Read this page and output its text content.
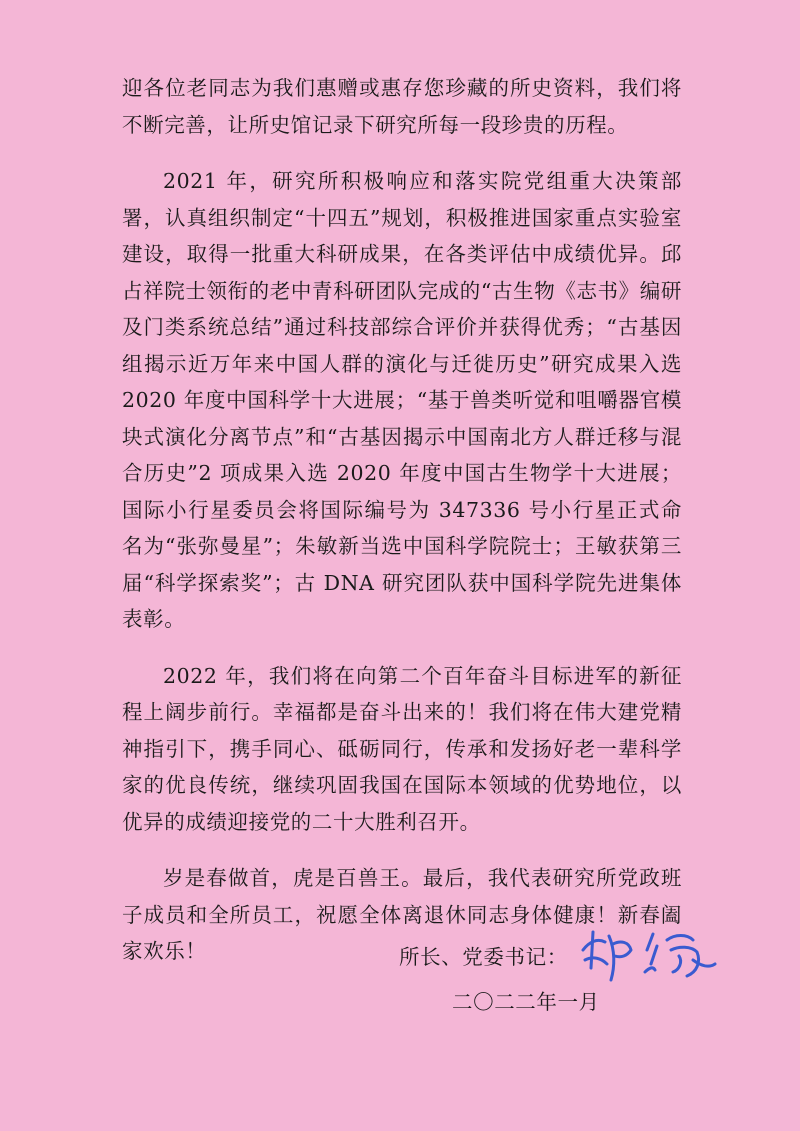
迎各位老同志为我们惠赠或惠存您珍藏的所史资料，我们将不断完善，让所史馆记录下研究所每一段珍贵的历程。

2021 年，研究所积极响应和落实院党组重大决策部署，认真组织制定“十四五”规划，积极推进国家重点实验室建设，取得一批重大科研成果，在各类评估中成绩优异。邱占祥院士领衔的老中青科研团队完成的“古生物《志书》编研及门类系统总结”通过科技部综合评价并获得优秀；“古基因组揭示近万年来中国人群的演化与迁徙历史”研究成果入选 2020 年度中国科学十大进展；“基于兽类听觉和咀嚼器官模块式演化分离节点”和“古基因揭示中国南北方人群迁移与混合历史”2 项成果入选 2020 年度中国古生物学十大进展；国际小行星委员会将国际编号为 347336 号小行星正式命名为“张弥曼星”；朱敏新当选中国科学院院士；王敏获第三届“科学探索奖”；古 DNA 研究团队获中国科学院先进集体表彰。

2022 年，我们将在向第二个百年奋斗目标进军的新征程上阔步前行。幸福都是奋斗出来的！我们将在伟大建党精神指引下，携手同心、砥砺同行，传承和发扬好老一辈科学家的优良传统，继续巩固我国在国际本领域的优势地位，以优异的成绩迎接党的二十大胜利召开。

岁是春做首，虎是百兽王。最后，我代表研究所党政班子成员和全所员工，祝愿全体离退休同志身体健康！新春阖家欢乐！	所长、党委书记：
二〇二二年一月
